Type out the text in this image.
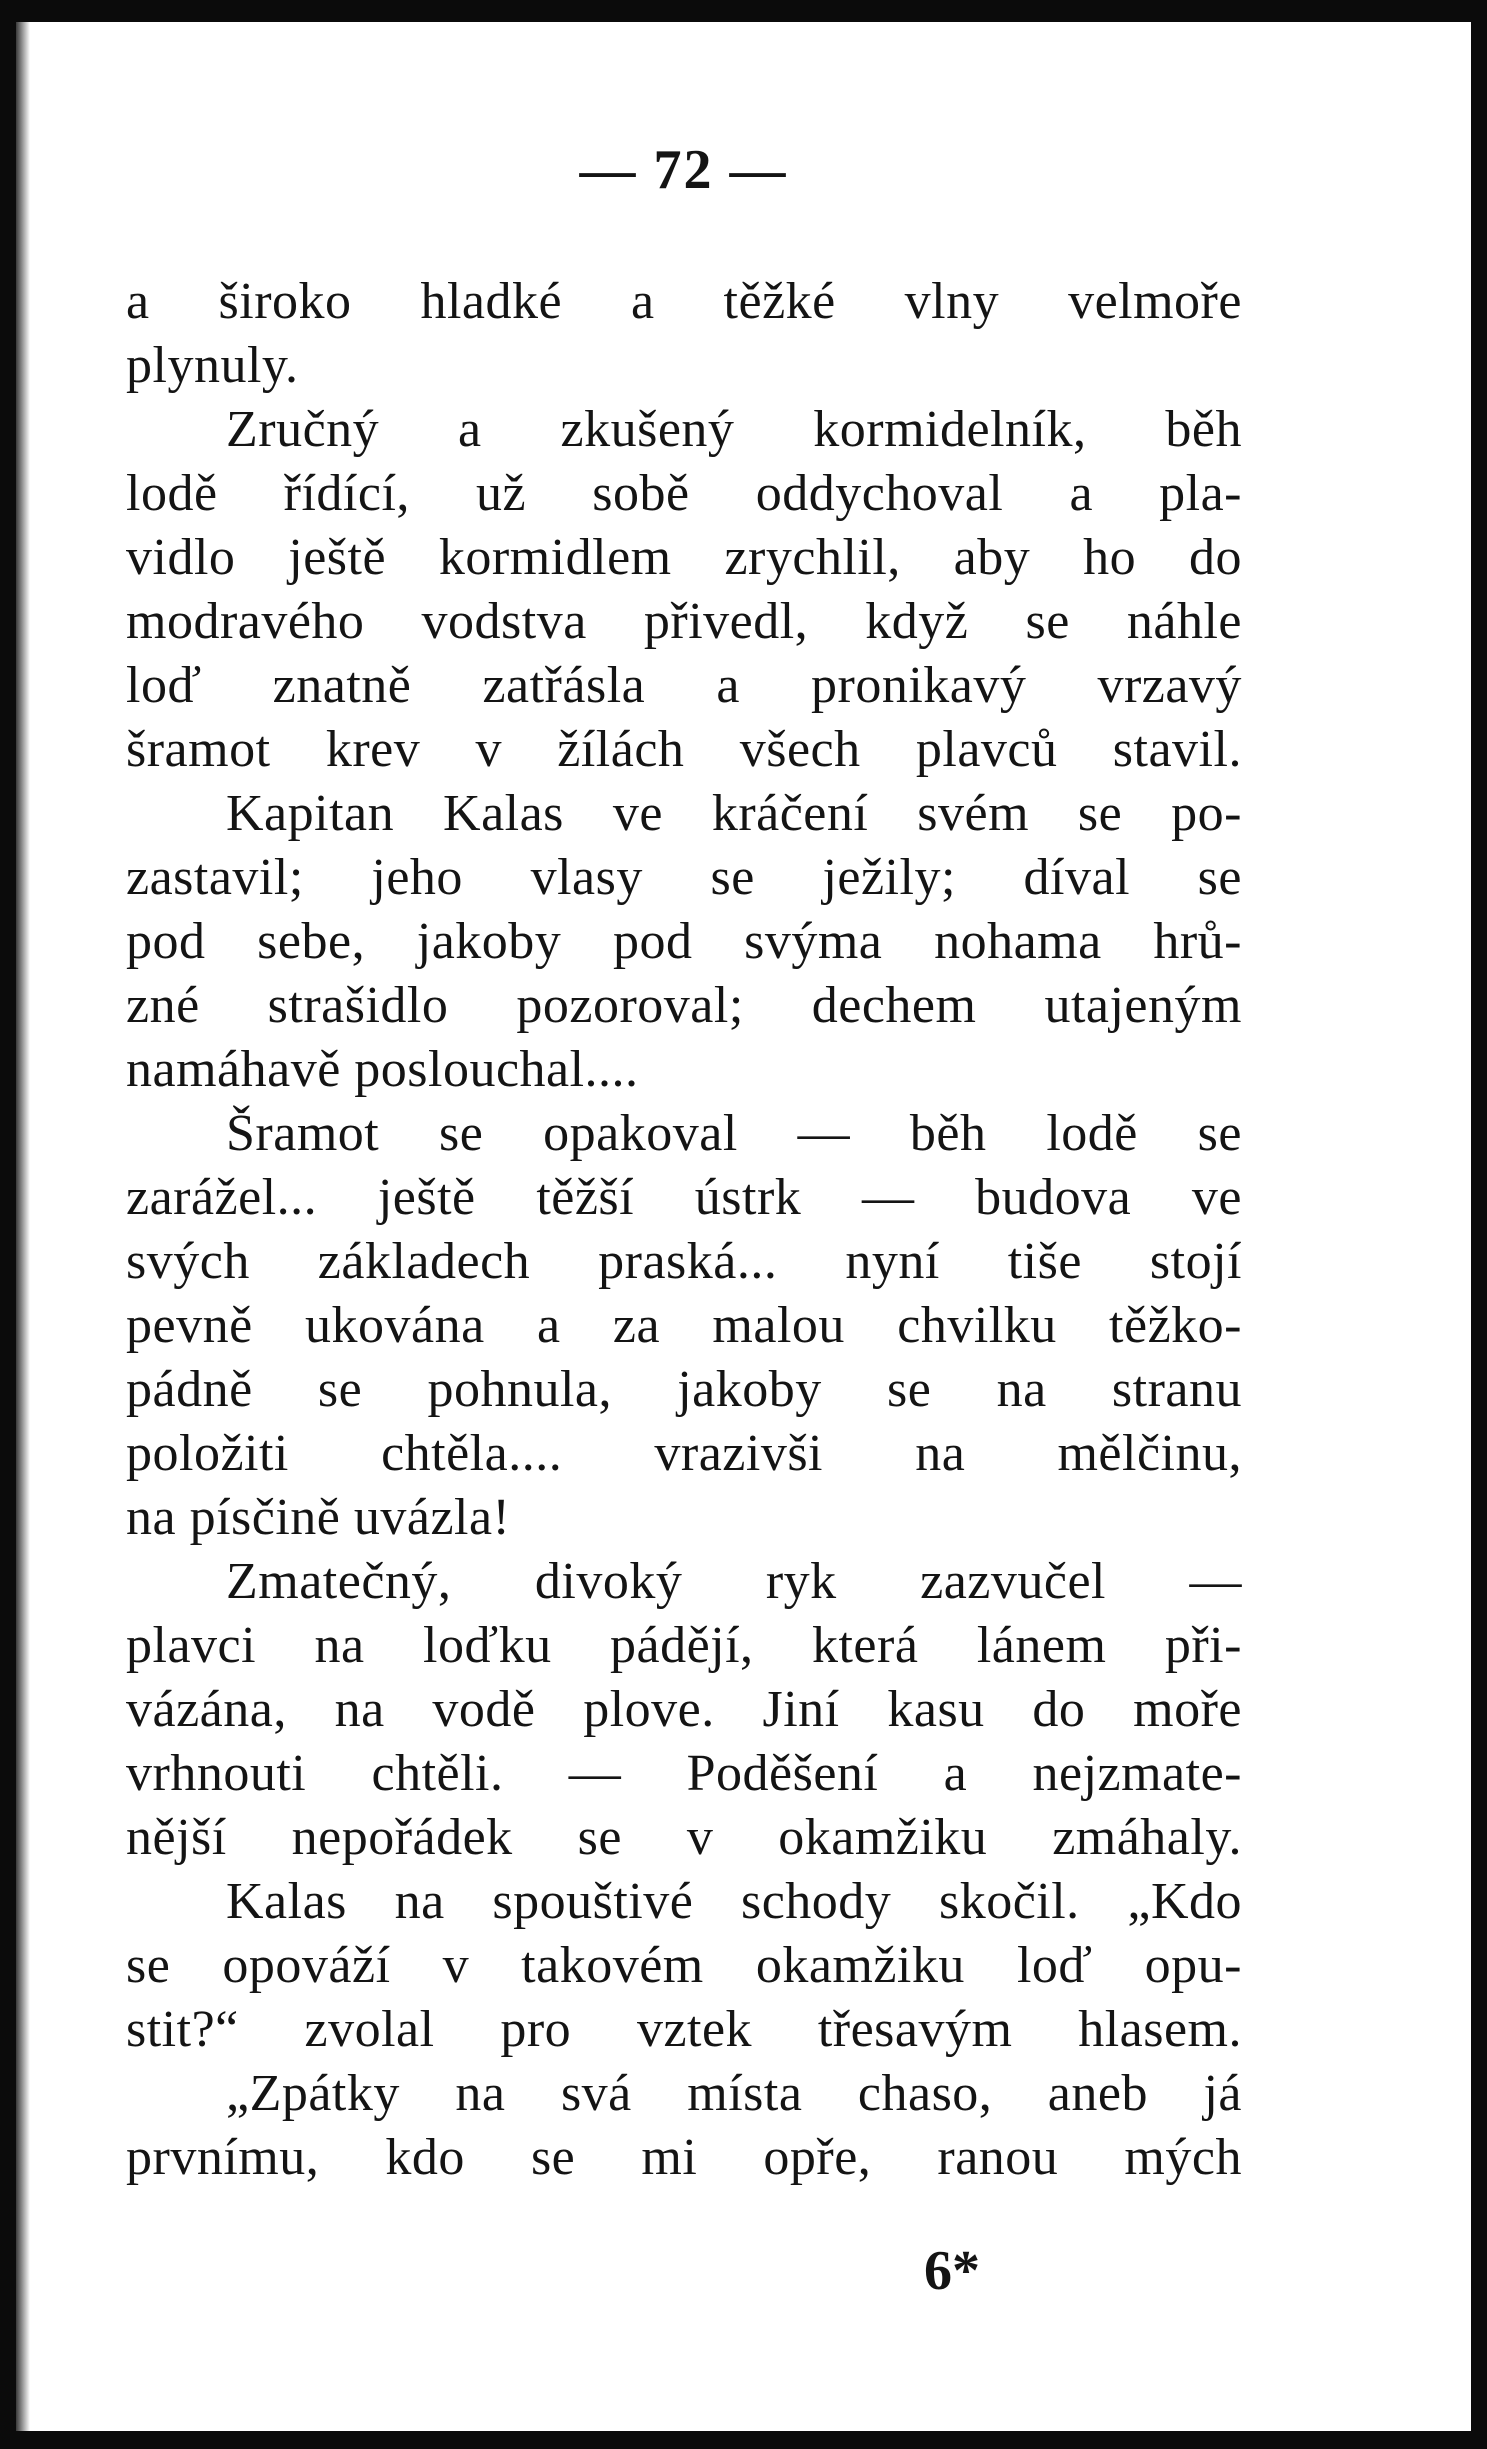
— 72 —
a široko hladké a těžké vlny velmoře
plynuly.
Zručný a zkušený kormidelník, běh
lodě řídící, už sobě oddychoval a pla-
vidlo ještě kormidlem zrychlil, aby ho do
modravého vodstva přivedl, když se náhle
loď znatně zatřásla a pronikavý vrzavý
šramot krev v žílách všech plavců stavil.
Kapitan Kalas ve kráčení svém se po-
zastavil; jeho vlasy se ježily; díval se
pod sebe, jakoby pod svýma nohama hrů-
zné strašidlo pozoroval; dechem utajeným
namáhavě poslouchal....
Šramot se opakoval — běh lodě se
zarážel... ještě těžší ústrk — budova ve
svých základech praská... nyní tiše stojí
pevně ukována a za malou chvilku těžko-
pádně se pohnula, jakoby se na stranu
položiti chtěla.... vrazivši na mělčinu,
na písčině uvázla!
Zmatečný, divoký ryk zazvučel —
plavci na loďku pádějí, která lánem při-
vázána, na vodě plove. Jiní kasu do moře
vrhnouti chtěli. — Poděšení a nejzmate-
nější nepořádek se v okamžiku zmáhaly.
Kalas na spouštivé schody skočil. „Kdo
se opováží v takovém okamžiku loď opu-
stit?“ zvolal pro vztek třesavým hlasem.
„Zpátky na svá místa chaso, aneb já
prvnímu, kdo se mi opře, ranou mých
6*
